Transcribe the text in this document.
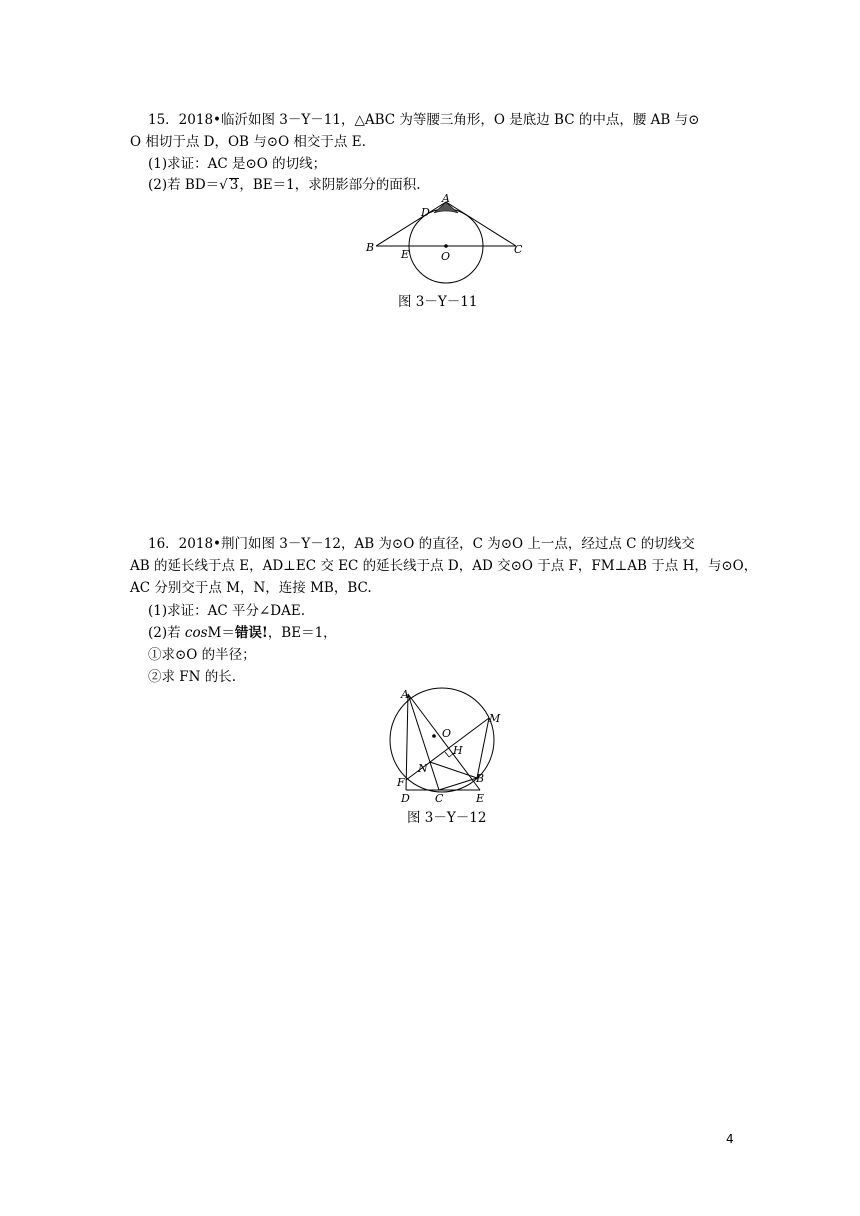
15．2018•临沂如图 3－Y－11，△ABC 为等腰三角形，O 是底边 BC 的中点，腰 AB 与⊙
O 相切于点 D，OB 与⊙O 相交于点 E.
(1)求证：AC 是⊙O 的切线；
(2)若 BD＝√ 3，BE＝1，求阴影部分的面积.
A
D
B
E	O
C
图 3－Y－11
16．2018•荆门如图 3－Y－12，AB 为⊙O 的直径，C 为⊙O 上一点，经过点 C 的切线交
AB 的延长线于点 E，AD⊥EC 交 EC 的延长线于点 D，AD 交⊙O 于点 F，FM⊥AB 于点 H，与⊙O，
AC 分别交于点 M，N，连接 MB，BC.
(1)求证：AC 平分∠DAE.
(2)若 cosM＝错误!，BE＝1，
①求⊙O 的半径；
②求 FN 的长.
A
M
O
H
N
B
F
D C	E
图 3－Y－12
4
